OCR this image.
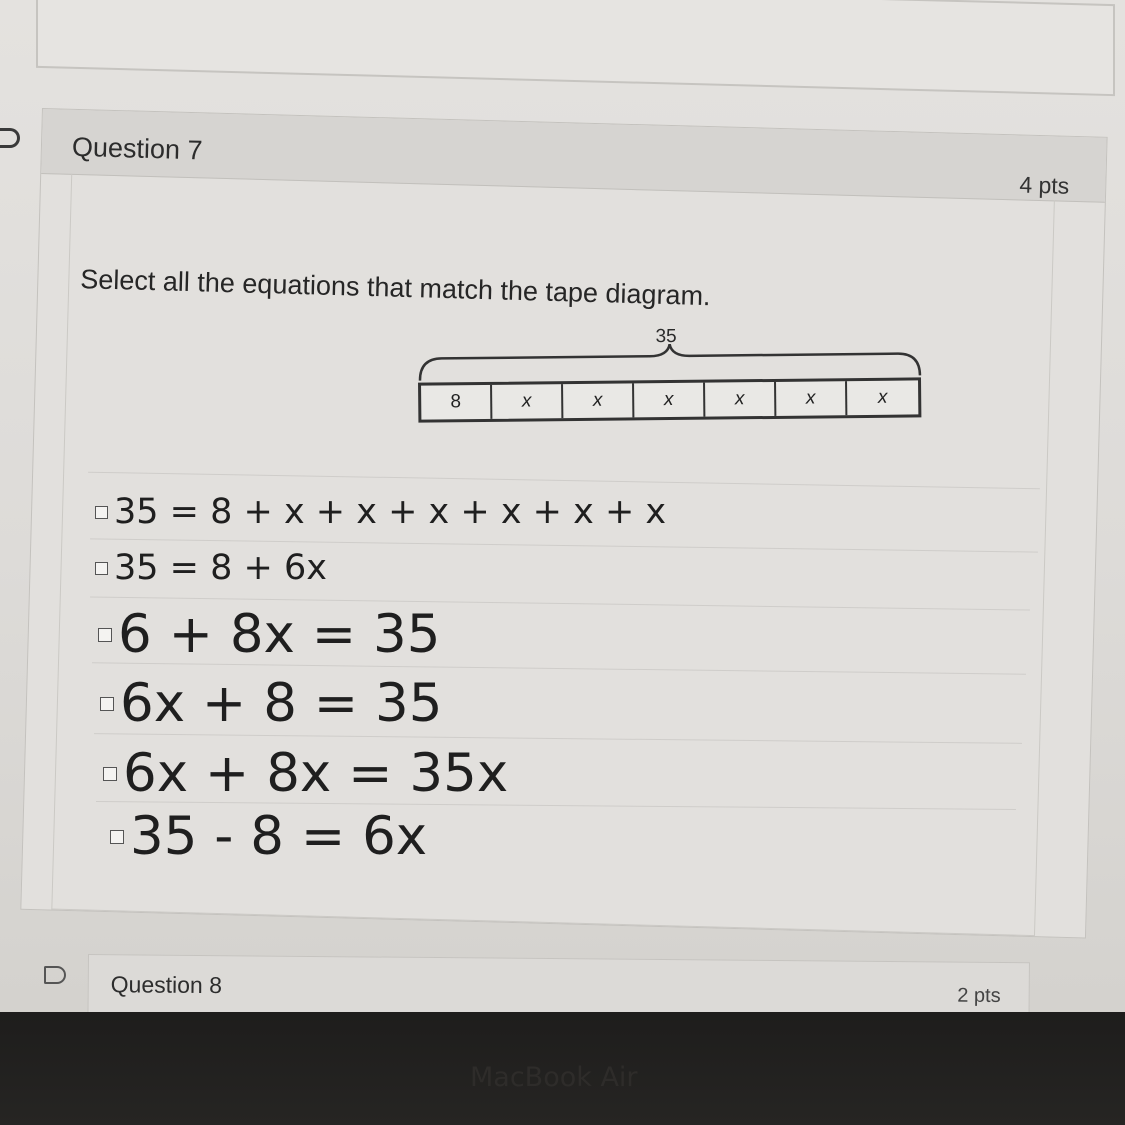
Question 7
4 pts
Select all the equations that match the tape diagram.
35
8	x	x	x	x	x	x
35 = 8 + x + x + x + x + x + x
35 = 8 + 6x
6 + 8x = 35
6x + 8 = 35
6x + 8x = 35x
35 - 8 = 6x
Question 8	2 pts
MacBook Air
